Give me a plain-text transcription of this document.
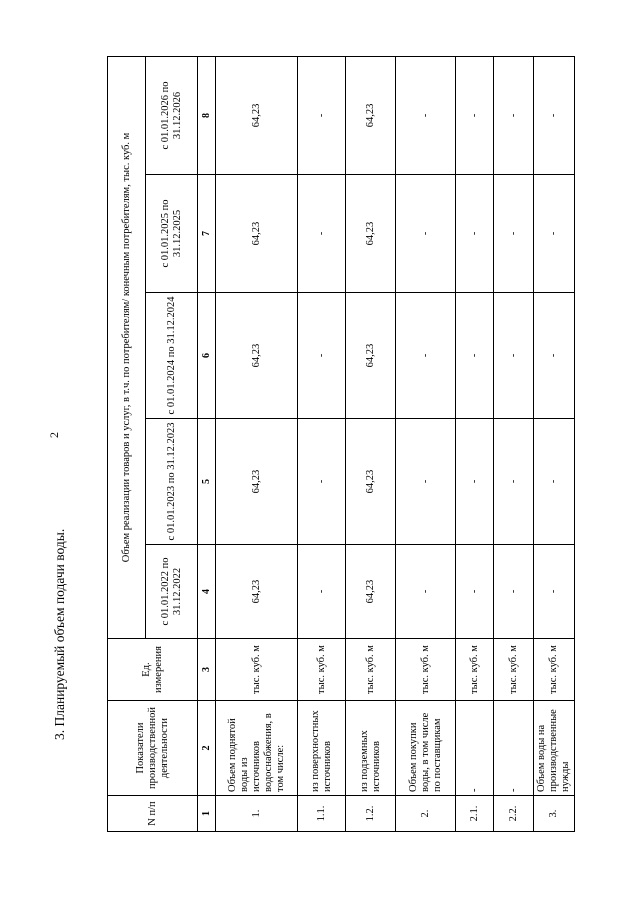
2
3. Планируемый объем подачи воды.
N п/п	Показатели производственной деятельности	Ед. измерения	Объем реализации товаров и услуг, в т.ч. по потребителям/ конечным потребителям, тыс. куб. м				
			с 01.01.2022 по 31.12.2022	с 01.01.2023 по 31.12.2023	с 01.01.2024 по 31.12.2024	с 01.01.2025 по 31.12.2025	с 01.01.2026 по 31.12.2026
1	2	3	4	5	6	7	8
1.	Объем поднятой воды из источников водоснабжения, в том числе:	тыс. куб. м	64,23	64,23	64,23	64,23	64,23
1.1.	из поверхностных источников	тыс. куб. м	-	-	-	-	-
1.2.	из подземных источников	тыс. куб. м	64,23	64,23	64,23	64,23	64,23
2.	Объем покупки воды, в том числе по поставщикам	тыс. куб. м	-	-	-	-	-
2.1.	-	тыс. куб. м	-	-	-	-	-
2.2.	-	тыс. куб. м	-	-	-	-	-
3.	Объем воды на производственные нужды	тыс. куб. м	-	-	-	-	-
